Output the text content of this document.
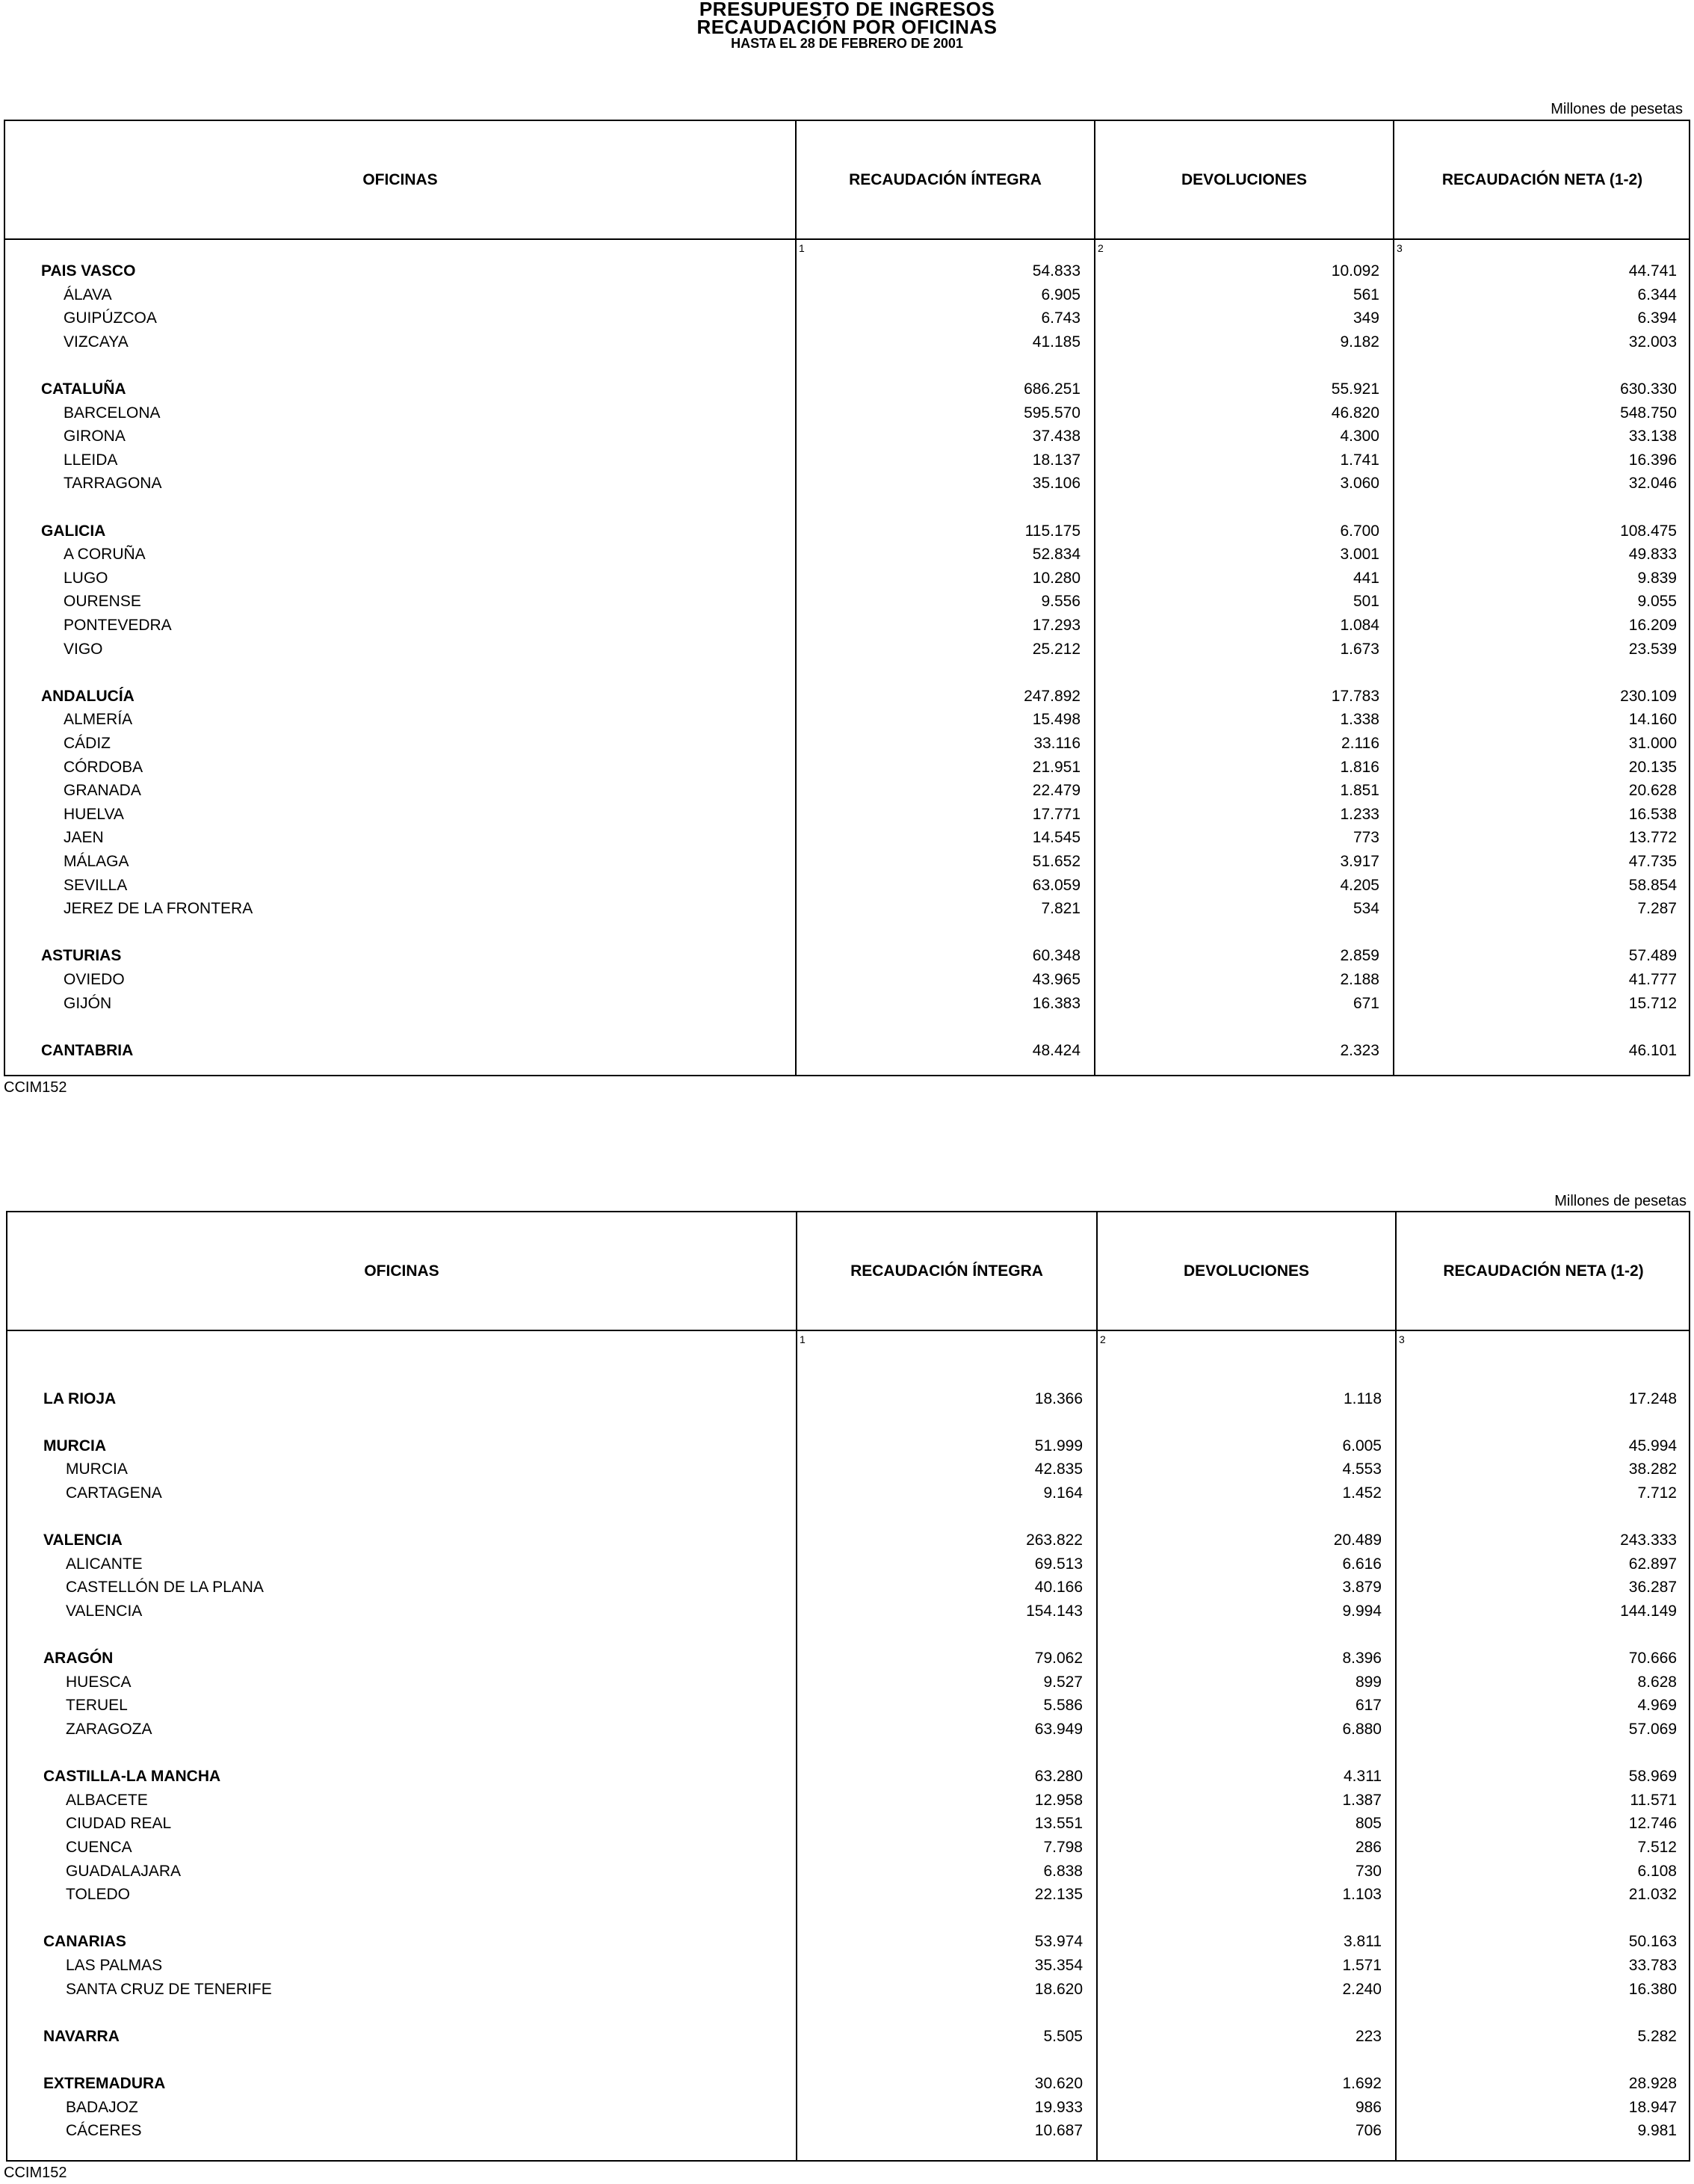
PRESUPUESTO DE INGRESOS
RECAUDACIÓN POR OFICINAS
HASTA EL 28 DE FEBRERO DE 2001
Millones de pesetas
OFICINAS	RECAUDACIÓN ÍNTEGRA	DEVOLUCIONES	RECAUDACIÓN NETA (1-2)
1	2	3
PAIS VASCO	54.833	10.092	44.741
ÁLAVA	6.905	561	6.344
GUIPÚZCOA	6.743	349	6.394
VIZCAYA	41.185	9.182	32.003
CATALUÑA	686.251	55.921	630.330
BARCELONA	595.570	46.820	548.750
GIRONA	37.438	4.300	33.138
LLEIDA	18.137	1.741	16.396
TARRAGONA	35.106	3.060	32.046
GALICIA	115.175	6.700	108.475
A CORUÑA	52.834	3.001	49.833
LUGO	10.280	441	9.839
OURENSE	9.556	501	9.055
PONTEVEDRA	17.293	1.084	16.209
VIGO	25.212	1.673	23.539
ANDALUCÍA	247.892	17.783	230.109
ALMERÍA	15.498	1.338	14.160
CÁDIZ	33.116	2.116	31.000
CÓRDOBA	21.951	1.816	20.135
GRANADA	22.479	1.851	20.628
HUELVA	17.771	1.233	16.538
JAEN	14.545	773	13.772
MÁLAGA	51.652	3.917	47.735
SEVILLA	63.059	4.205	58.854
JEREZ DE LA FRONTERA	7.821	534	7.287
ASTURIAS	60.348	2.859	57.489
OVIEDO	43.965	2.188	41.777
GIJÓN	16.383	671	15.712
CANTABRIA	48.424	2.323	46.101
CCIM152
Millones de pesetas
OFICINAS	RECAUDACIÓN ÍNTEGRA	DEVOLUCIONES	RECAUDACIÓN NETA (1-2)
1	2	3
LA RIOJA	18.366	1.118	17.248
MURCIA	51.999	6.005	45.994
MURCIA	42.835	4.553	38.282
CARTAGENA	9.164	1.452	7.712
VALENCIA	263.822	20.489	243.333
ALICANTE	69.513	6.616	62.897
CASTELLÓN DE LA PLANA	40.166	3.879	36.287
VALENCIA	154.143	9.994	144.149
ARAGÓN	79.062	8.396	70.666
HUESCA	9.527	899	8.628
TERUEL	5.586	617	4.969
ZARAGOZA	63.949	6.880	57.069
CASTILLA-LA MANCHA	63.280	4.311	58.969
ALBACETE	12.958	1.387	11.571
CIUDAD REAL	13.551	805	12.746
CUENCA	7.798	286	7.512
GUADALAJARA	6.838	730	6.108
TOLEDO	22.135	1.103	21.032
CANARIAS	53.974	3.811	50.163
LAS PALMAS	35.354	1.571	33.783
SANTA CRUZ DE TENERIFE	18.620	2.240	16.380
NAVARRA	5.505	223	5.282
EXTREMADURA	30.620	1.692	28.928
BADAJOZ	19.933	986	18.947
CÁCERES	10.687	706	9.981
CCIM152
